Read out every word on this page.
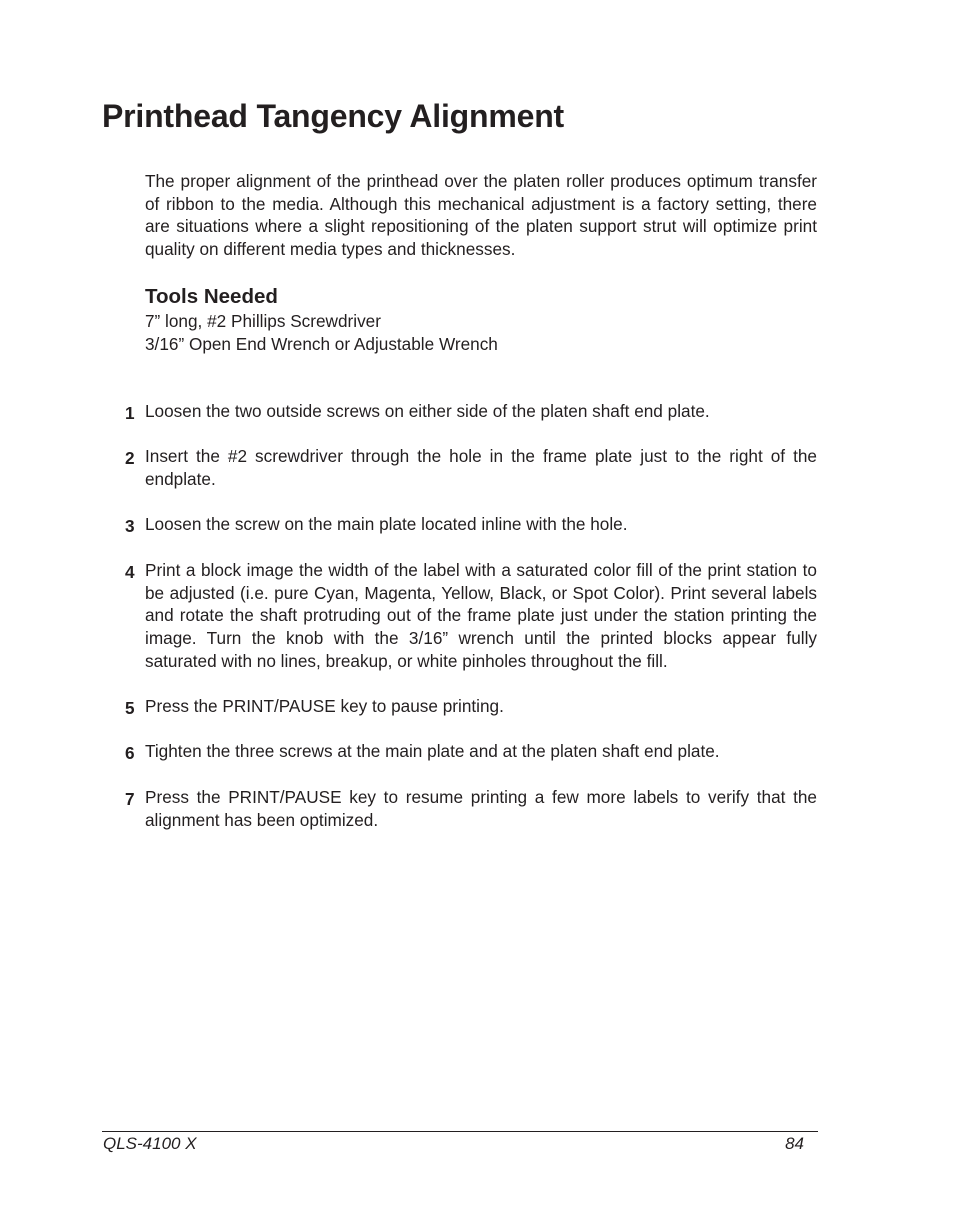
Printhead Tangency Alignment

The proper alignment of the printhead over the platen roller produces optimum transfer of ribbon to the media. Although this mechanical adjustment is a factory setting, there are situations where a slight repositioning of the platen support strut will optimize print quality on different media types and thicknesses.

Tools Needed
7” long, #2 Phillips Screwdriver
3/16” Open End Wrench or Adjustable Wrench
1 Loosen the two outside screws on either side of the platen shaft end plate.
2 Insert the #2 screwdriver through the hole in the frame plate just to the right of the endplate.
3 Loosen the screw on the main plate located inline with the hole.
4 Print a block image the width of the label with a saturated color fill of the print station to be adjusted (i.e. pure Cyan, Magenta, Yellow, Black, or Spot Color). Print several labels and rotate the shaft protruding out of the frame plate just under the station printing the image. Turn the knob with the 3/16” wrench until the printed blocks appear fully saturated with no lines, breakup, or white pinholes throughout the fill.
5 Press the PRINT/PAUSE key to pause printing.
6 Tighten the three screws at the main plate and at the platen shaft end plate.
7 Press the PRINT/PAUSE key to resume printing a few more labels to verify that the alignment has been optimized.
QLS-4100 X	84
